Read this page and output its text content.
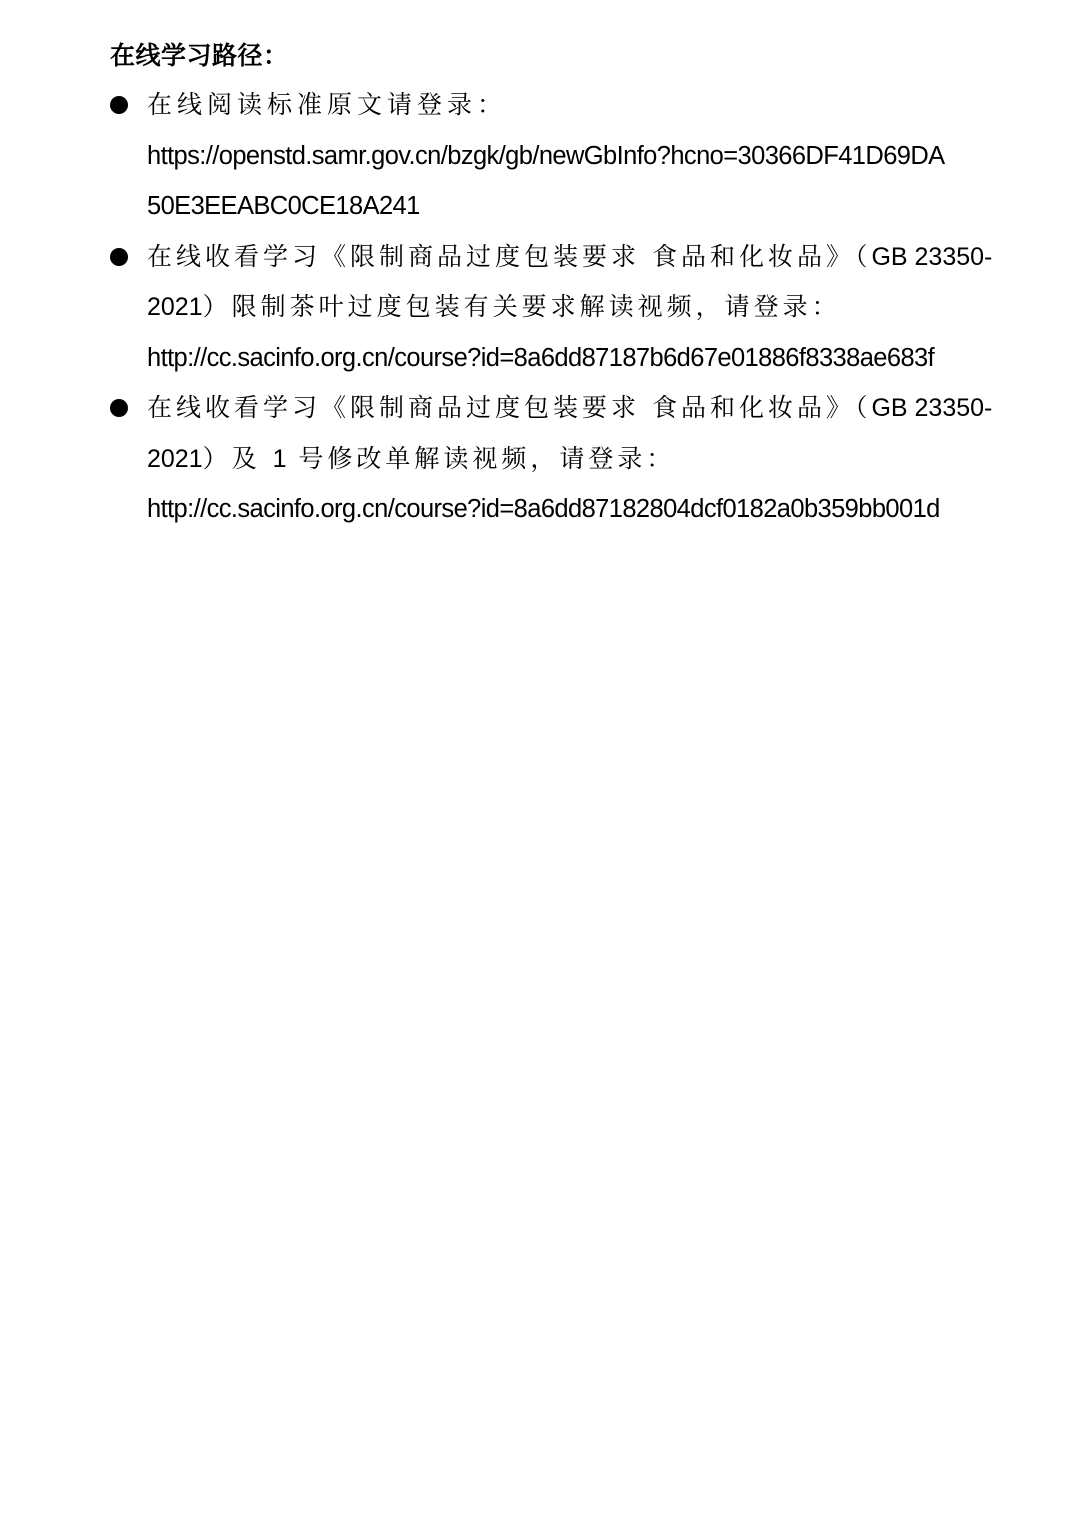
在线学习路径：
在线阅读标准原文请登录：
https://openstd.samr.gov.cn/bzgk/gb/newGbInfo?hcno=30366DF41D69DA
50E3EEABC0CE18A241
在线收看学习《限制商品过度包装要求 食品和化妆品》（GB 23350-
2021）限制茶叶过度包装有关要求解读视频，请登录：
http://cc.sacinfo.org.cn/course?id=8a6dd87187b6d67e01886f8338ae683f
在线收看学习《限制商品过度包装要求 食品和化妆品》（GB 23350-
2021）及 1 号修改单解读视频，请登录：
http://cc.sacinfo.org.cn/course?id=8a6dd87182804dcf0182a0b359bb001d
